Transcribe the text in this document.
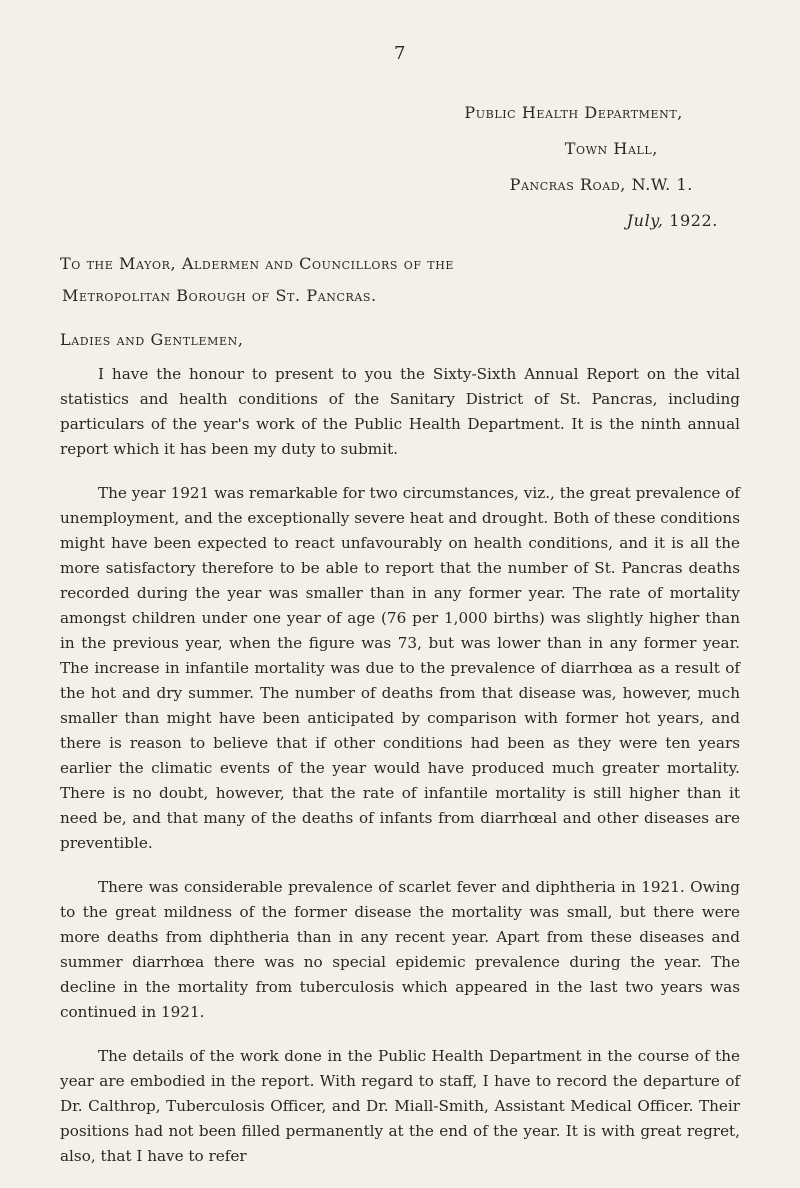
7
Public Health Department,
Town Hall,
Pancras Road, N.W. 1.
July, 1922.
To the Mayor, Aldermen and Councillors of the
Metropolitan Borough of St. Pancras.
Ladies and Gentlemen,

I have the honour to present to you the Sixty-Sixth Annual Report on the vital statistics and health conditions of the Sanitary District of St. Pancras, including particulars of the year's work of the Public Health Department. It is the ninth annual report which it has been my duty to submit.

The year 1921 was remarkable for two circumstances, viz., the great prevalence of unemployment, and the exceptionally severe heat and drought. Both of these conditions might have been expected to react unfavourably on health conditions, and it is all the more satisfactory therefore to be able to report that the number of St. Pancras deaths recorded during the year was smaller than in any former year. The rate of mortality amongst children under one year of age (76 per 1,000 births) was slightly higher than in the previous year, when the figure was 73, but was lower than in any former year. The increase in infantile mortality was due to the prevalence of diarrhœa as a result of the hot and dry summer. The number of deaths from that disease was, however, much smaller than might have been anticipated by comparison with former hot years, and there is reason to believe that if other conditions had been as they were ten years earlier the climatic events of the year would have produced much greater mortality. There is no doubt, however, that the rate of infantile mortality is still higher than it need be, and that many of the deaths of infants from diarrhœal and other diseases are preventible.

There was considerable prevalence of scarlet fever and diphtheria in 1921. Owing to the great mildness of the former disease the mortality was small, but there were more deaths from diphtheria than in any recent year. Apart from these diseases and summer diarrhœa there was no special epidemic prevalence during the year. The decline in the mortality from tuberculosis which appeared in the last two years was continued in 1921.

The details of the work done in the Public Health Department in the course of the year are embodied in the report. With regard to staff, I have to record the departure of Dr. Calthrop, Tuberculosis Officer, and Dr. Miall-Smith, Assistant Medical Officer. Their positions had not been filled permanently at the end of the year. It is with great regret, also, that I have to refer
